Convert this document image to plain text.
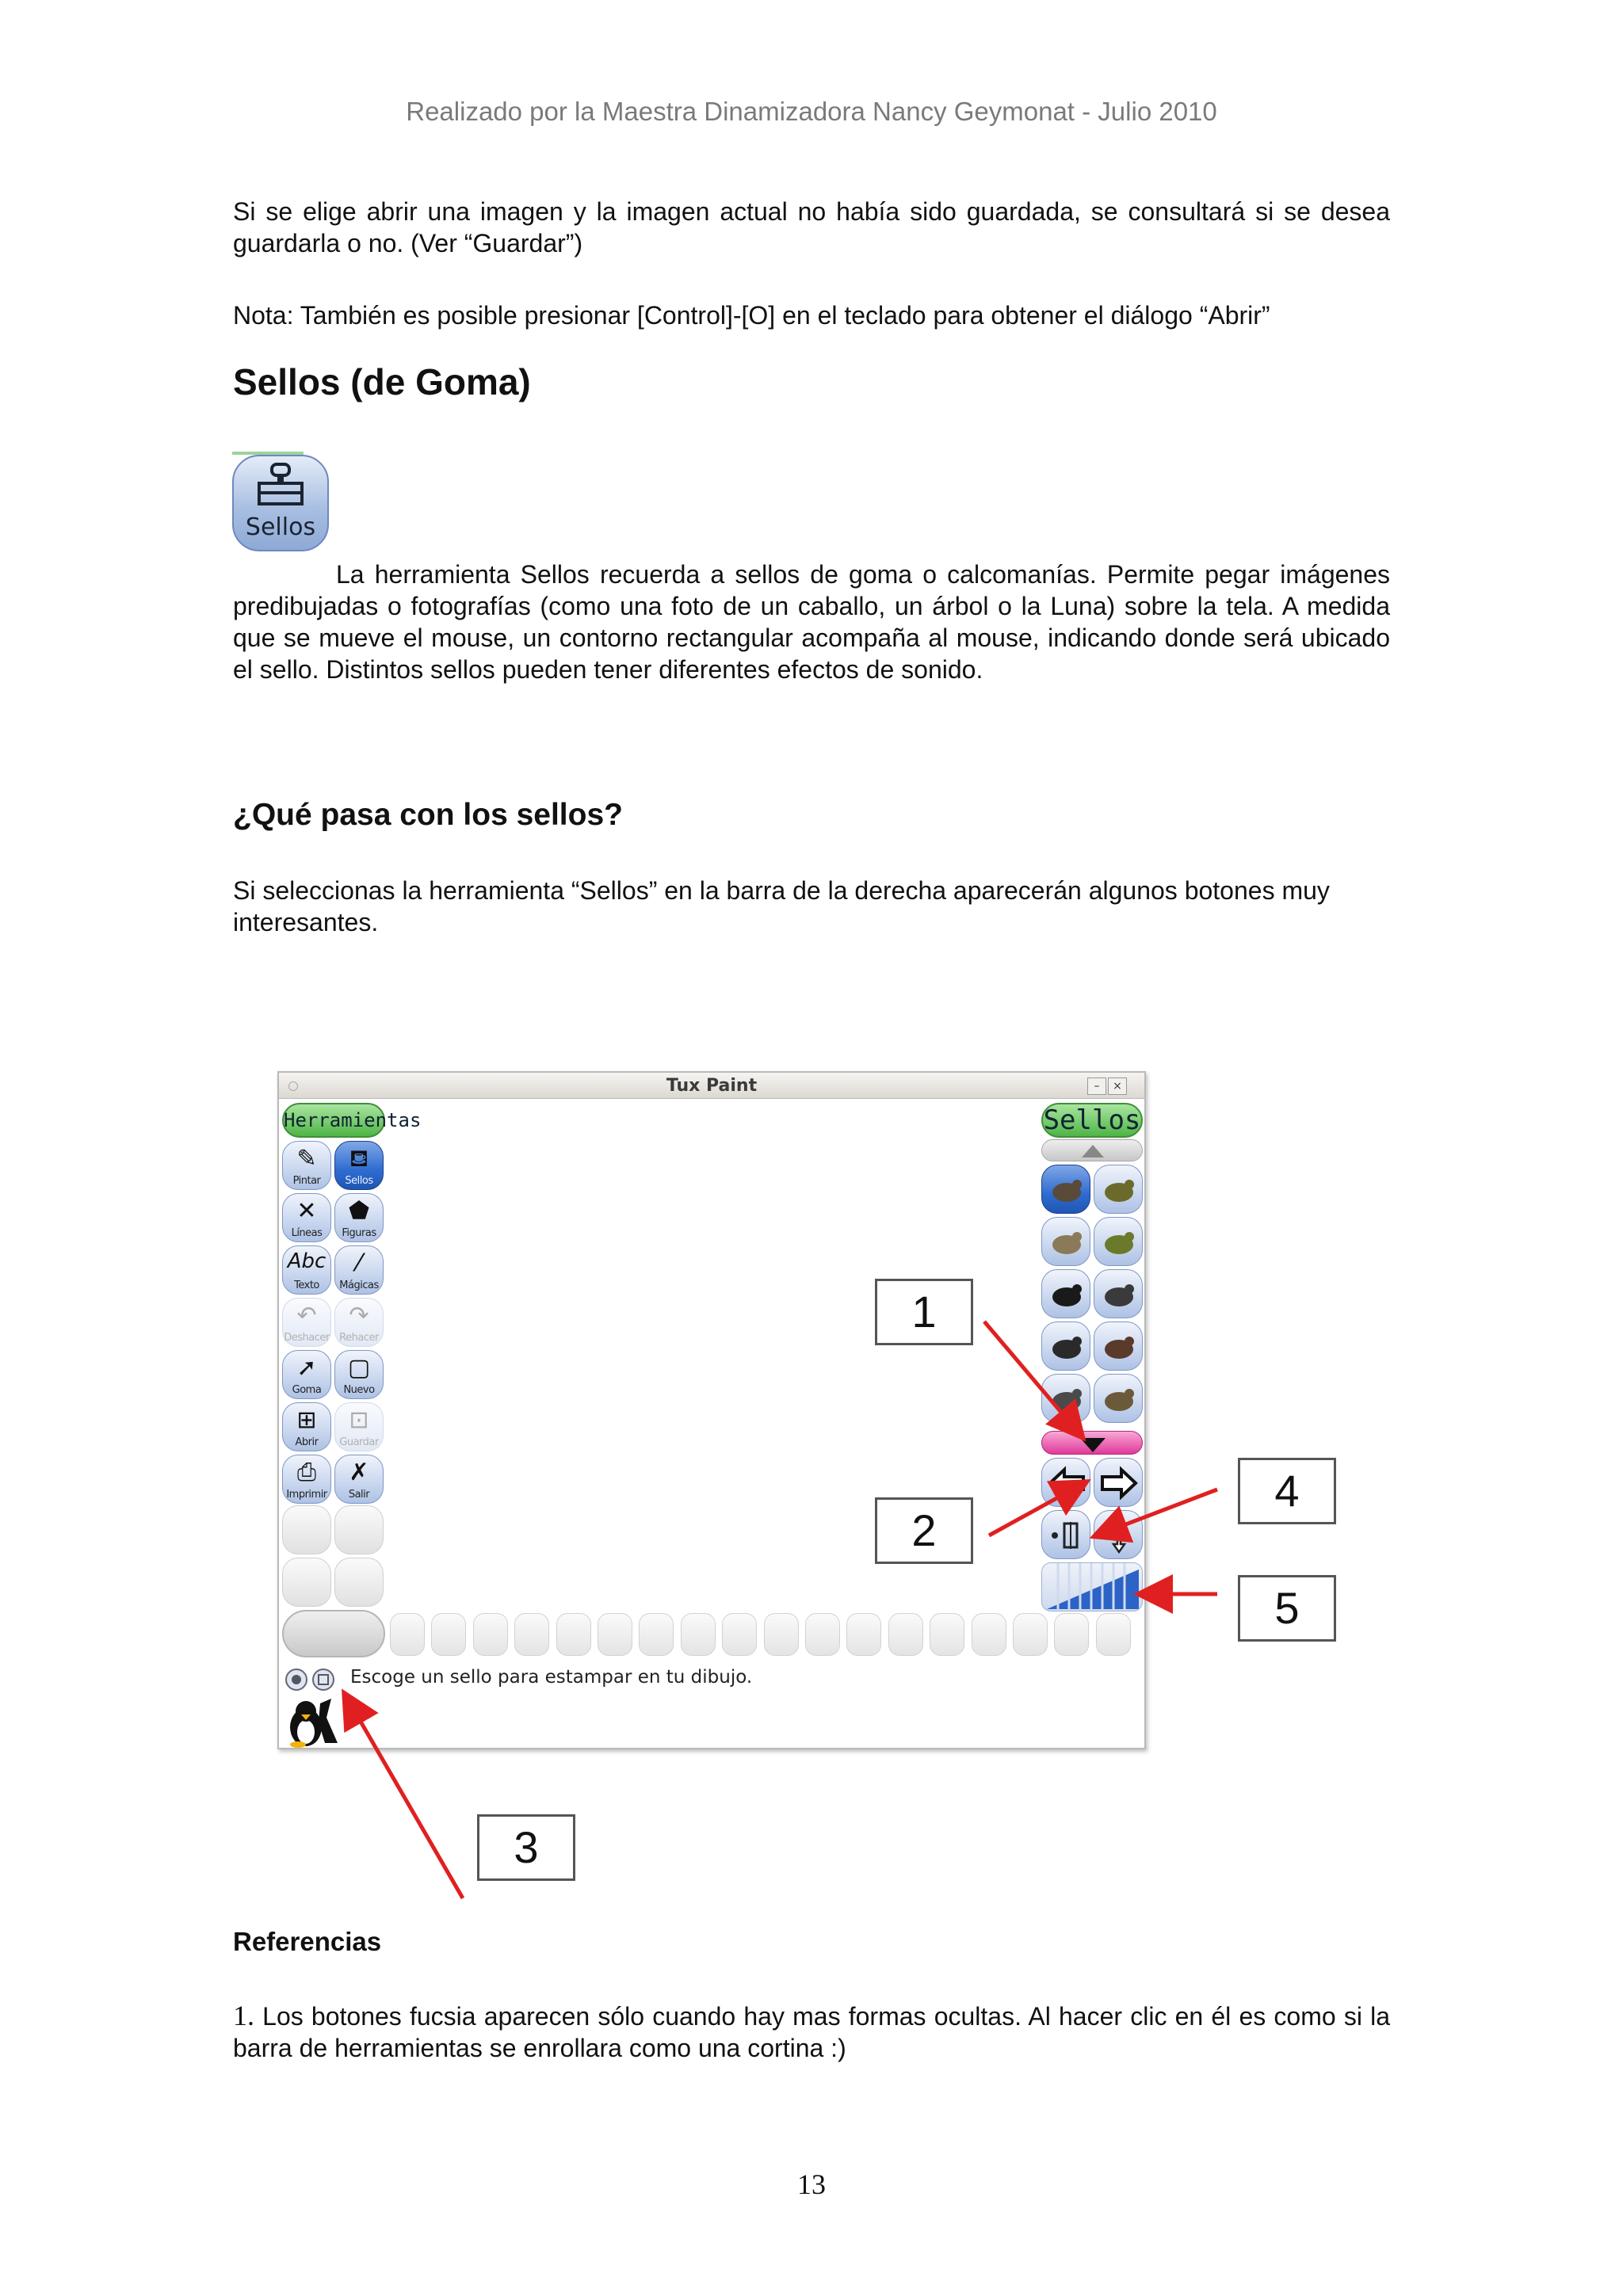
Realizado por la Maestra Dinamizadora Nancy Geymonat - Julio 2010
Si se elige abrir una imagen y la imagen actual no había sido guardada, se consultará si se desea guardarla o no. (Ver “Guardar”)
Nota: También es posible presionar [Control]-[O] en el teclado para obtener el diálogo “Abrir”
Sellos (de Goma)
Sellos
La herramienta Sellos recuerda a sellos de goma o calcomanías. Permite pegar imágenes predibujadas o fotografías (como una foto de un caballo, un árbol o la Luna) sobre la tela. A medida que se mueve el mouse, un contorno rectangular acompaña al mouse, indicando donde será ubicado el sello. Distintos sellos pueden tener diferentes efectos de sonido.
¿Qué pasa con los sellos?
Si seleccionas la herramienta “Sellos” en la barra de la derecha aparecerán algunos botones muy interesantes.
Tux Paint	–	×
Herramientas	Sellos
✎
Pintar
⛾
Sellos
✕
Líneas
⬟
Figuras
Abc
Texto
⁄
Mágicas
↶
Deshacer
↷
Rehacer
➚
Goma
▢
Nuevo
⊞
Abrir
⊡
Guardar
⎙
Imprimir
✗
Salir
Escoge un sello para estampar en tu dibujo.
1
2
3
4
5
Referencias
1. Los botones fucsia aparecen sólo cuando hay mas formas ocultas. Al hacer clic en él es como si la barra de herramientas se enrollara como una cortina :)
13
